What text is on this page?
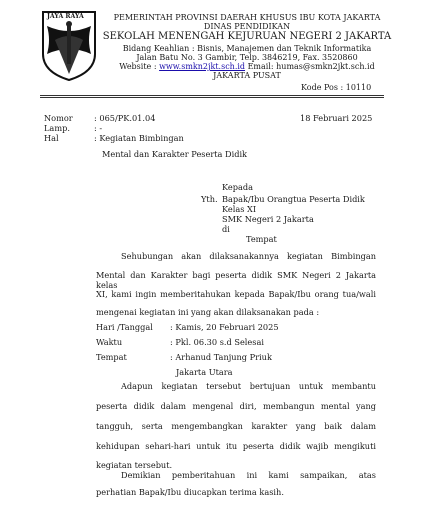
JAYA RAYA	PEMERINTAH PROVINSI DAERAH KHUSUS IBU KOTA JAKARTA
DINAS PENDIDIKAN
SEKOLAH MENENGAH KEJURUAN NEGERI 2 JAKARTA
Bidang Keahlian : Bisnis, Manajemen dan Teknik Informatika
Jalan Batu No. 3 Gambir, Telp. 3846219, Fax. 3520860
Website : www.smkn2jkt.sch.id Email: humas@smkn2jkt.sch.id
JAKARTA PUSAT
Kode Pos : 10110
Nomor	: 065/PK.01.04	18 Februari 2025
Lamp.	: -
Hal	: Kegiatan Bimbingan
Mental dan Karakter Peserta Didik
Yth.
Kepada
Bapak/Ibu Orangtua Peserta Didik
Kelas XI
SMK Negeri 2 Jakarta
di
Tempat
Sehubungan akan dilaksanakannya kegiatan Bimbingan
Mental dan Karakter bagi peserta didik SMK Negeri 2 Jakarta kelas
XI, kami ingin memberitahukan kepada Bapak/Ibu orang tua/wali
mengenai kegiatan ini yang akan dilaksanakan pada :
Hari /Tanggal : Kamis, 20 Februari 2025
Waktu	: Pkl. 06.30 s.d Selesai
Tempat	: Arhanud Tanjung Priuk
Jakarta Utara
Adapun kegiatan tersebut bertujuan untuk membantu
peserta didik dalam mengenal diri, membangun mental yang
tangguh, serta mengembangkan karakter yang baik dalam
kehidupan sehari-hari untuk itu peserta didik wajib mengikuti
kegiatan tersebut.
Demikian pemberitahuan ini kami sampaikan, atas
perhatian Bapak/Ibu diucapkan terima kasih.
